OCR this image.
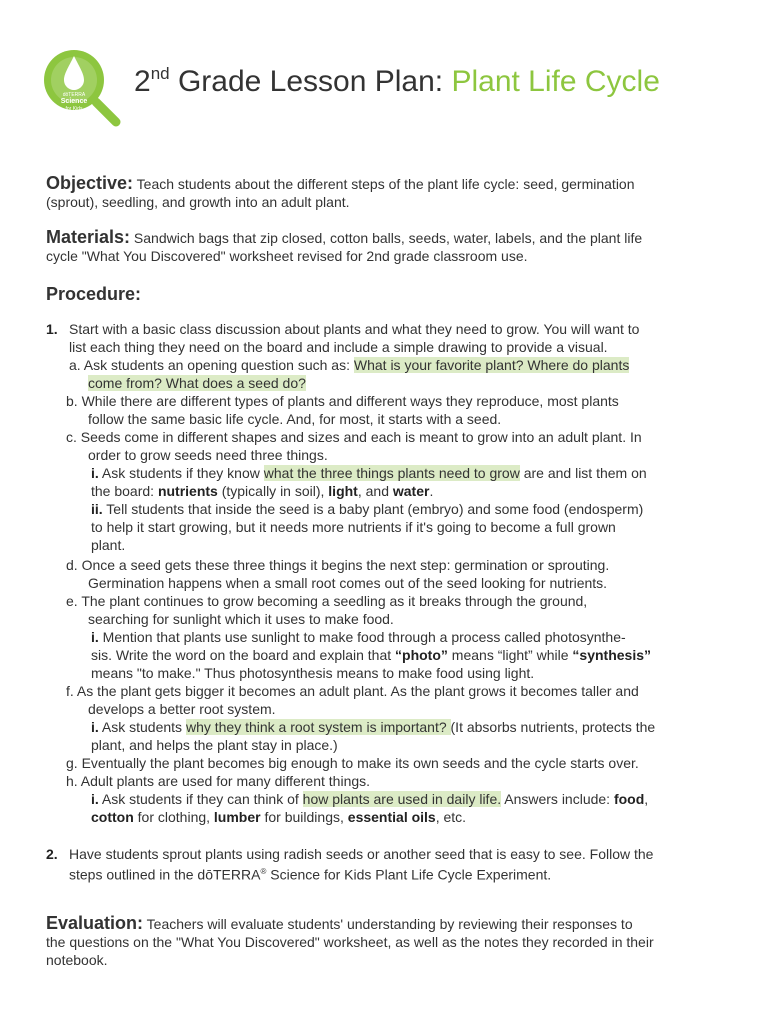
dōTERRA
Science
for Kids
2nd Grade Lesson Plan: Plant Life Cycle
Objective: Teach students about the different steps of the plant life cycle: seed, germination
(sprout), seedling, and growth into an adult plant.
Materials: Sandwich bags that zip closed, cotton balls, seeds, water, labels, and the plant life
cycle "What You Discovered" worksheet revised for 2nd grade classroom use.
Procedure:
1. Start with a basic class discussion about plants and what they need to grow. You will want to
list each thing they need on the board and include a simple drawing to provide a visual.
a. Ask students an opening question such as: What is your favorite plant? Where do plants
come from? What does a seed do?
b. While there are different types of plants and different ways they reproduce, most plants
follow the same basic life cycle. And, for most, it starts with a seed.
c. Seeds come in different shapes and sizes and each is meant to grow into an adult plant. In
order to grow seeds need three things.
i. Ask students if they know what the three things plants need to grow are and list them on
the board: nutrients (typically in soil), light, and water.
ii. Tell students that inside the seed is a baby plant (embryo) and some food (endosperm)
to help it start growing, but it needs more nutrients if it's going to become a full grown
plant.
d. Once a seed gets these three things it begins the next step: germination or sprouting.
Germination happens when a small root comes out of the seed looking for nutrients.
e. The plant continues to grow becoming a seedling as it breaks through the ground,
searching for sunlight which it uses to make food.
i. Mention that plants use sunlight to make food through a process called photosynthe-
sis. Write the word on the board and explain that “photo” means “light” while “synthesis”
means "to make." Thus photosynthesis means to make food using light.
f. As the plant gets bigger it becomes an adult plant. As the plant grows it becomes taller and
develops a better root system.
i. Ask students why they think a root system is important? (It absorbs nutrients, protects the
plant, and helps the plant stay in place.)
g. Eventually the plant becomes big enough to make its own seeds and the cycle starts over.
h. Adult plants are used for many different things.
i. Ask students if they can think of how plants are used in daily life. Answers include: food,
cotton for clothing, lumber for buildings, essential oils, etc.
2. Have students sprout plants using radish seeds or another seed that is easy to see. Follow the
steps outlined in the dōTERRA® Science for Kids Plant Life Cycle Experiment.
Evaluation: Teachers will evaluate students' understanding by reviewing their responses to
the questions on the "What You Discovered" worksheet, as well as the notes they recorded in their
notebook.
